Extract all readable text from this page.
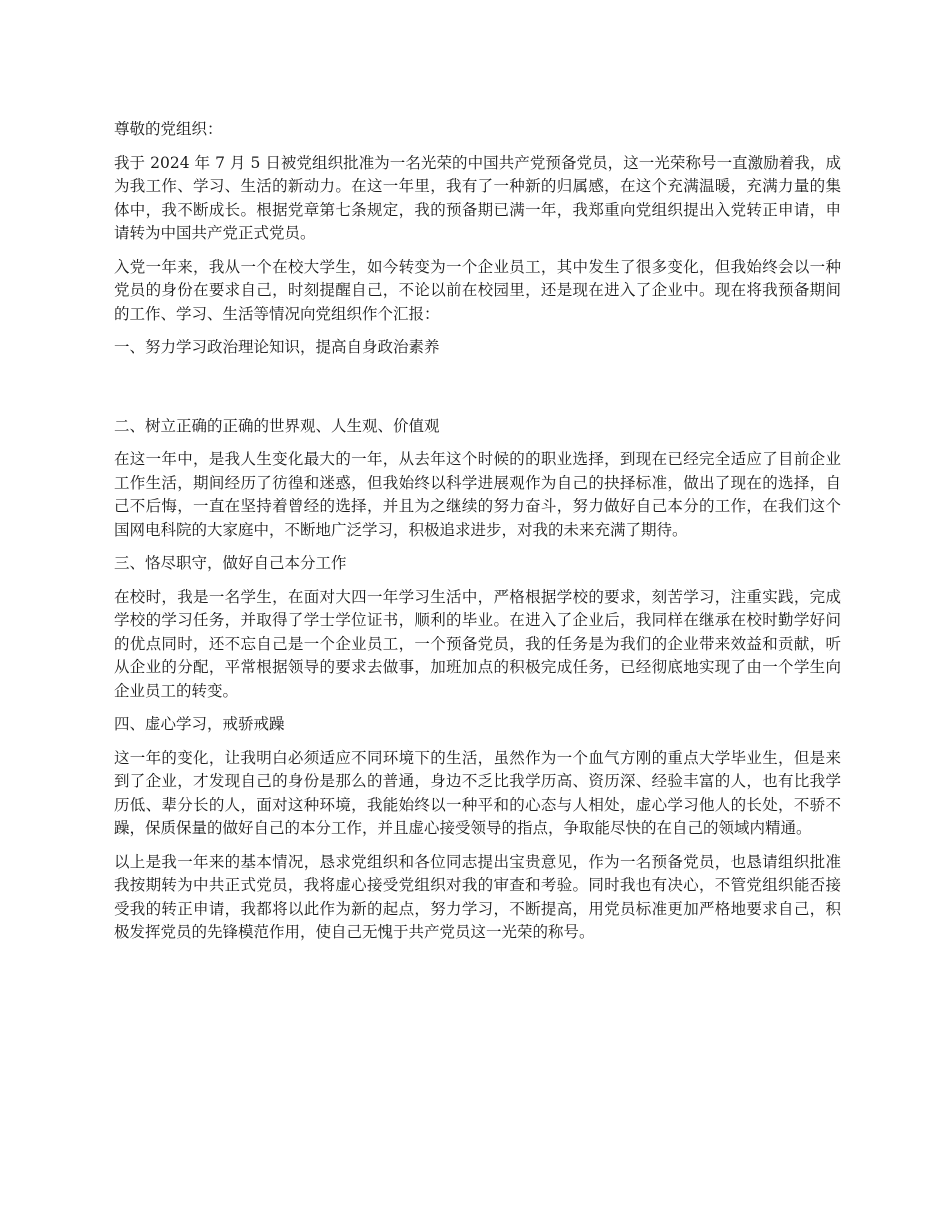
尊敬的党组织：

我于 2024 年 7 月 5 日被党组织批准为一名光荣的中国共产党预备党员，这一光荣称号一直激励着我，成为我工作、学习、生活的新动力。在这一年里，我有了一种新的归属感，在这个充满温暖，充满力量的集体中，我不断成长。根据党章第七条规定，我的预备期已满一年，我郑重向党组织提出入党转正申请，申请转为中国共产党正式党员。

入党一年来，我从一个在校大学生，如今转变为一个企业员工，其中发生了很多变化，但我始终会以一种党员的身份在要求自己，时刻提醒自己，不论以前在校园里，还是现在进入了企业中。现在将我预备期间的工作、学习、生活等情况向党组织作个汇报：

一、努力学习政治理论知识，提高自身政治素养

二、树立正确的正确的世界观、人生观、价值观

在这一年中，是我人生变化最大的一年，从去年这个时候的的职业选择，到现在已经完全适应了目前企业工作生活，期间经历了彷徨和迷惑，但我始终以科学进展观作为自己的抉择标准，做出了现在的选择，自己不后悔，一直在坚持着曾经的选择，并且为之继续的努力奋斗，努力做好自己本分的工作，在我们这个国网电科院的大家庭中，不断地广泛学习，积极追求进步，对我的未来充满了期待。

三、恪尽职守，做好自己本分工作

在校时，我是一名学生，在面对大四一年学习生活中，严格根据学校的要求，刻苦学习，注重实践，完成学校的学习任务，并取得了学士学位证书，顺利的毕业。在进入了企业后，我同样在继承在校时勤学好问的优点同时，还不忘自己是一个企业员工，一个预备党员，我的任务是为我们的企业带来效益和贡献，听从企业的分配，平常根据领导的要求去做事，加班加点的积极完成任务，已经彻底地实现了由一个学生向企业员工的转变。

四、虚心学习，戒骄戒躁

这一年的变化，让我明白必须适应不同环境下的生活，虽然作为一个血气方刚的重点大学毕业生，但是来到了企业，才发现自己的身份是那么的普通，身边不乏比我学历高、资历深、经验丰富的人，也有比我学历低、辈分长的人，面对这种环境，我能始终以一种平和的心态与人相处，虚心学习他人的长处，不骄不躁，保质保量的做好自己的本分工作，并且虚心接受领导的指点，争取能尽快的在自己的领域内精通。

以上是我一年来的基本情况，恳求党组织和各位同志提出宝贵意见，作为一名预备党员，也恳请组织批准我按期转为中共正式党员，我将虚心接受党组织对我的审查和考验。同时我也有决心，不管党组织能否接受我的转正申请，我都将以此作为新的起点，努力学习，不断提高，用党员标准更加严格地要求自己，积极发挥党员的先锋模范作用，使自己无愧于共产党员这一光荣的称号。
